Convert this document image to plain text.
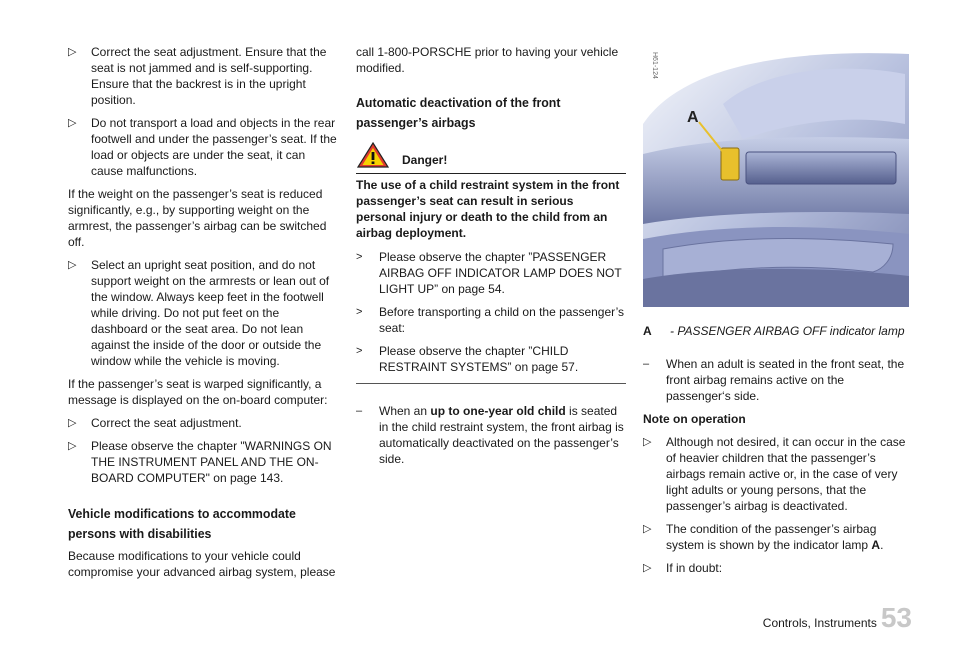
▷	Correct the seat adjustment. Ensure that the seat is not jammed and is self-supporting. Ensure that the backrest is in the upright position.
▷	Do not transport a load and objects in the rear footwell and under the passenger’s seat. If the load or objects are under the seat, it can cause malfunctions.

If the weight on the passenger’s seat is reduced significantly, e.g., by supporting weight on the armrest, the passenger’s airbag can be switched off.

▷	Select an upright seat position, and do not support weight on the armrests or lean out of the window. Always keep feet in the footwell while driving. Do not put feet on the dashboard or the seat area. Do not lean against the inside of the door or outside the window while the vehicle is moving.

If the passenger’s seat is warped significantly, a message is displayed on the on-board computer:

▷	Correct the seat adjustment.
▷	Please observe the chapter "WARNINGS ON THE INSTRUMENT PANEL AND THE ON-BOARD COMPUTER" on page 143.
Vehicle modifications to accommodate persons with disabilities

Because modifications to your vehicle could compromise your advanced airbag system, please

call 1-800-PORSCHE prior to having your vehicle modified.

Automatic deactivation of the front passenger’s airbags
Danger!

The use of a child restraint system in the front passenger’s seat can result in serious personal injury or death to the child from an airbag deployment.

>	Please observe the chapter ”PASSENGER AIRBAG OFF INDICATOR LAMP DOES NOT LIGHT UP” on page 54.
>	Before transporting a child on the passenger’s seat:
>	Please observe the chapter ”CHILD RESTRAINT SYSTEMS” on page 57.
–	When an up to one-year old child is seated in the child restraint system, the front airbag is automatically deactivated on the passenger’s side.
A
H61-124
A	- PASSENGER AIRBAG OFF indicator lamp
–	When an adult is seated in the front seat, the front airbag remains active on the passenger‘s side.
Note on operation
▷	Although not desired, it can occur in the case of heavier children that the passenger’s airbags remain active or, in the case of very light adults or young persons, that the passenger’s airbag is deactivated.
▷	The condition of the passenger’s airbag system is shown by the indicator lamp A.
▷	If in doubt:
Controls, Instruments 53
